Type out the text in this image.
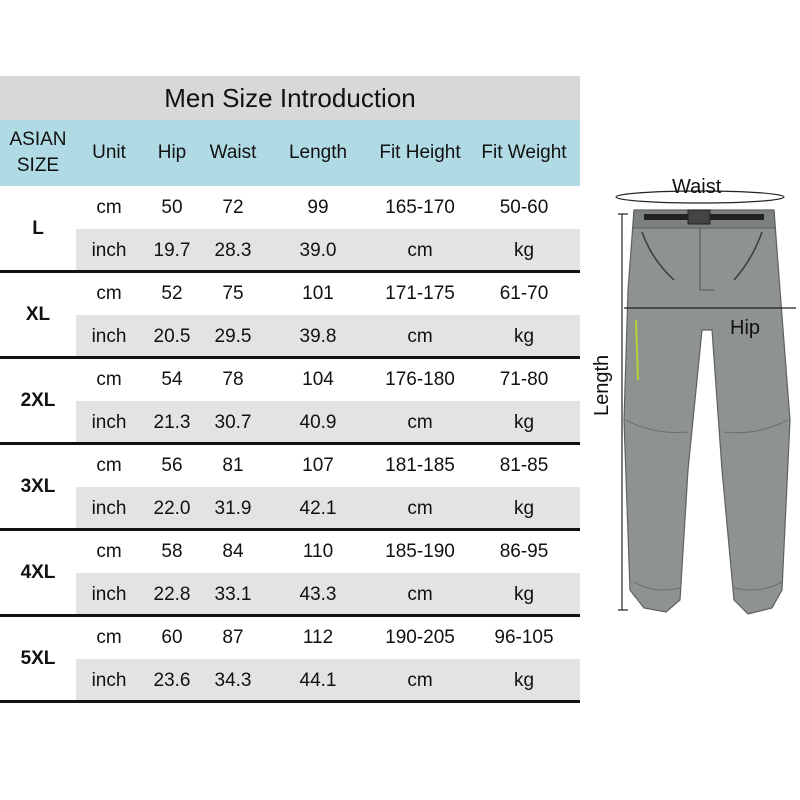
Men Size Introduction
ASIAN
SIZE
Unit	Hip	Waist	Length	Fit Height	Fit Weight
L
cm	50	72	99	165-170	50-60
inch	19.7	28.3	39.0	cm	kg
XL
cm	52	75	101	171-175	61-70
inch	20.5	29.5	39.8	cm	kg
2XL
cm	54	78	104	176-180	71-80
inch	21.3	30.7	40.9	cm	kg
3XL
cm	56	81	107	181-185	81-85
inch	22.0	31.9	42.1	cm	kg
4XL
cm	58	84	110	185-190	86-95
inch	22.8	33.1	43.3	cm	kg
5XL
cm	60	87	112	190-205	96-105
inch	23.6	34.3	44.1	cm	kg
Waist
Length
Hip
